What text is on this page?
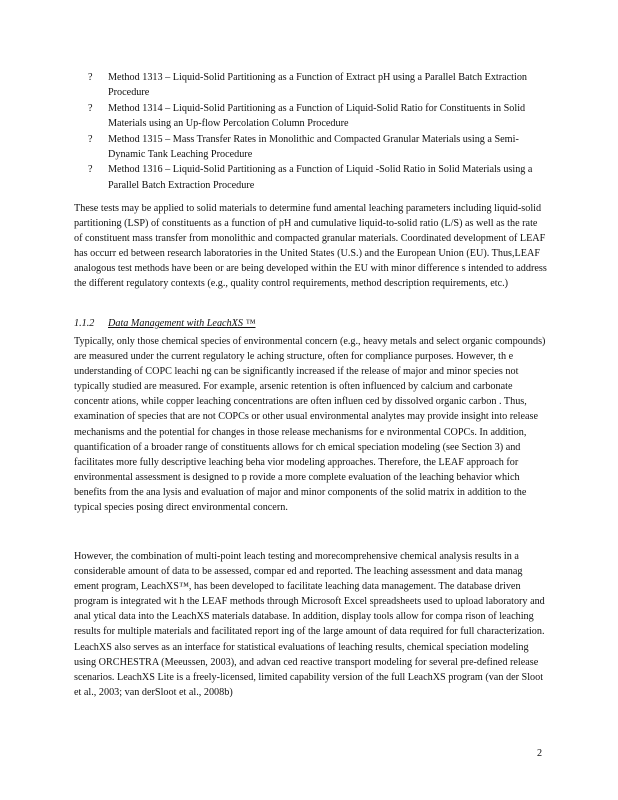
? Method 1313 – Liquid‐Solid Partitioning as a Function of Extract pH using a Parallel Batch Extraction Procedure
? Method 1314 – Liquid‐Solid Partitioning as a Function of Liquid‐Solid Ratio for Constituents in Solid Materials using an Up‐flow Percolation Column Procedure
? Method 1315 – Mass Transfer Rates in Monolithic and Compacted Granular Materials using a Semi‐Dynamic Tank Leaching Procedure
? Method 1316 – Liquid‐Solid Partitioning as a Function of Liquid ‐Solid Ratio in Solid Materials using a Parallel Batch Extraction Procedure

These tests may be applied to solid materials to determine fund amental leaching parameters including liquid‐solid partitioning (LSP) of constituents as a function of pH and cumulative liquid‐to‐solid ratio (L/S) as well as the rate of constituent mass transfer from monolithic and compacted granular materials. Coordinated development of LEAF has occurr ed between research laboratories in the United States (U.S.) and the European Union (EU). Thus,LEAF analogous test methods have been or are being developed within the EU with minor difference s intended to address the different regulatory contexts (e.g., quality control requirements, method description requirements, etc.)

1.1.2 Data Management with LeachXS ™

Typically, only those chemical species of environmental concern (e.g., heavy metals and select organic compounds) are measured under the current regulatory le aching structure, often for compliance purposes. However, th e understanding of COPC leachi ng can be significantly increased if the release of major and minor species not typically studied are measured. For example, arsenic retention is often influenced by calcium and carbonate concentr ations, while copper leaching concentrations are often influen ced by dissolved organic carbon . Thus, examination of species that are not COPCs or other usual environmental analytes may provide insight into release mechanisms and the potential for changes in those release mechanisms for e nvironmental COPCs. In addition, quantification of a broader range of constituents allows for ch emical speciation modeling (see Section 3) and facilitates more fully descriptive leaching beha vior modeling approaches. Therefore, the LEAF approach for environmental assessment is designed to p rovide a more complete evaluation of the leaching behavior which benefits from the ana lysis and evaluation of major and minor components of the solid matrix in addition to the typical species posing direct environmental concern.

However, the combination of multi‐point leach testing and morecomprehensive chemical analysis results in a considerable amount of data to be assessed, compar ed and reported. The leaching assessment and data manag ement program, LeachXS™, has been developed to facilitate leaching data management. The database driven program is integrated wit h the LEAF methods through Microsoft Excel spreadsheets used to upload laboratory and anal ytical data into the LeachXS materials database. In addition, display tools allow for compa rison of leaching results for multiple materials and facilitated report ing of the large amount of data required for full characterization. LeachXS also serves as an interface for statistical evaluations of leaching results, chemical speciation modeling using ORCHESTRA (Meeussen, 2003), and advan ced reactive transport modeling for several pre‐defined release scenarios. LeachXS Lite is a freely‐licensed, limited capability version of the full LeachXS program (van der Sloot et al., 2003; van derSloot et al., 2008b)

2
